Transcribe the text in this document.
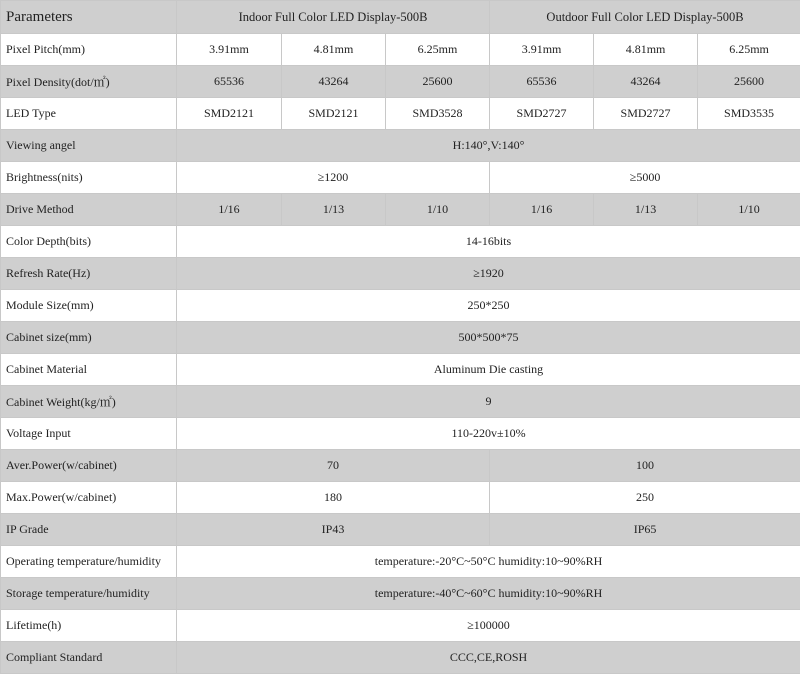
Parameters	Indoor Full Color LED Display-500B			Outdoor Full Color LED Display-500B		
Pixel Pitch(mm)	3.91mm	4.81mm	6.25mm	3.91mm	4.81mm	6.25mm
Pixel Density(dot/㎡)	65536	43264	25600	65536	43264	25600
LED Type	SMD2121	SMD2121	SMD3528	SMD2727	SMD2727	SMD3535
Viewing angel	H:140°,V:140°					
Brightness(nits)	≥1200			≥5000		
Drive Method	1/16	1/13	1/10	1/16	1/13	1/10
Color Depth(bits)	14-16bits					
Refresh Rate(Hz)	≥1920					
Module Size(mm)	250*250					
Cabinet size(mm)	500*500*75					
Cabinet Material	Aluminum Die casting					
Cabinet Weight(kg/㎡)	9					
Voltage Input	110-220v±10%					
Aver.Power(w/cabinet)	70			100		
Max.Power(w/cabinet)	180			250		
IP Grade	IP43			IP65		
Operating temperature/humidity	temperature:-20°C~50°C humidity:10~90%RH					
Storage temperature/humidity	temperature:-40°C~60°C humidity:10~90%RH					
Lifetime(h)	≥100000					
Compliant Standard	CCC,CE,ROSH					
